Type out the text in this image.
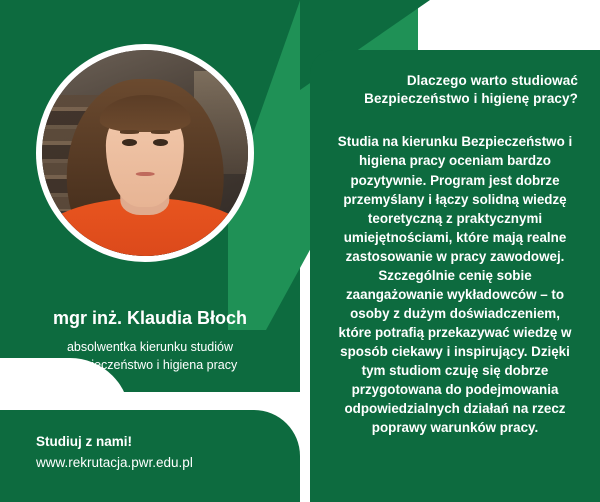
mgr inż. Klaudia Błoch

absolwentka kierunku studiów
Bezpieczeństwo i higiena pracy

Studiuj z nami!

www.rekrutacja.pwr.edu.pl

Dlaczego warto studiować
Bezpieczeństwo i higienę pracy?
Studia na kierunku Bezpieczeństwo i higiena pracy oceniam bardzo pozytywnie. Program jest dobrze przemyślany i łączy solidną wiedzę teoretyczną z praktycznymi umiejętnościami, które mają realne zastosowanie w pracy zawodowej. Szczególnie cenię sobie zaangażowanie wykładowców – to osoby z dużym doświadczeniem, które potrafią przekazywać wiedzę w sposób ciekawy i inspirujący. Dzięki tym studiom czuję się dobrze przygotowana do podejmowania odpowiedzialnych działań na rzecz poprawy warunków pracy.
